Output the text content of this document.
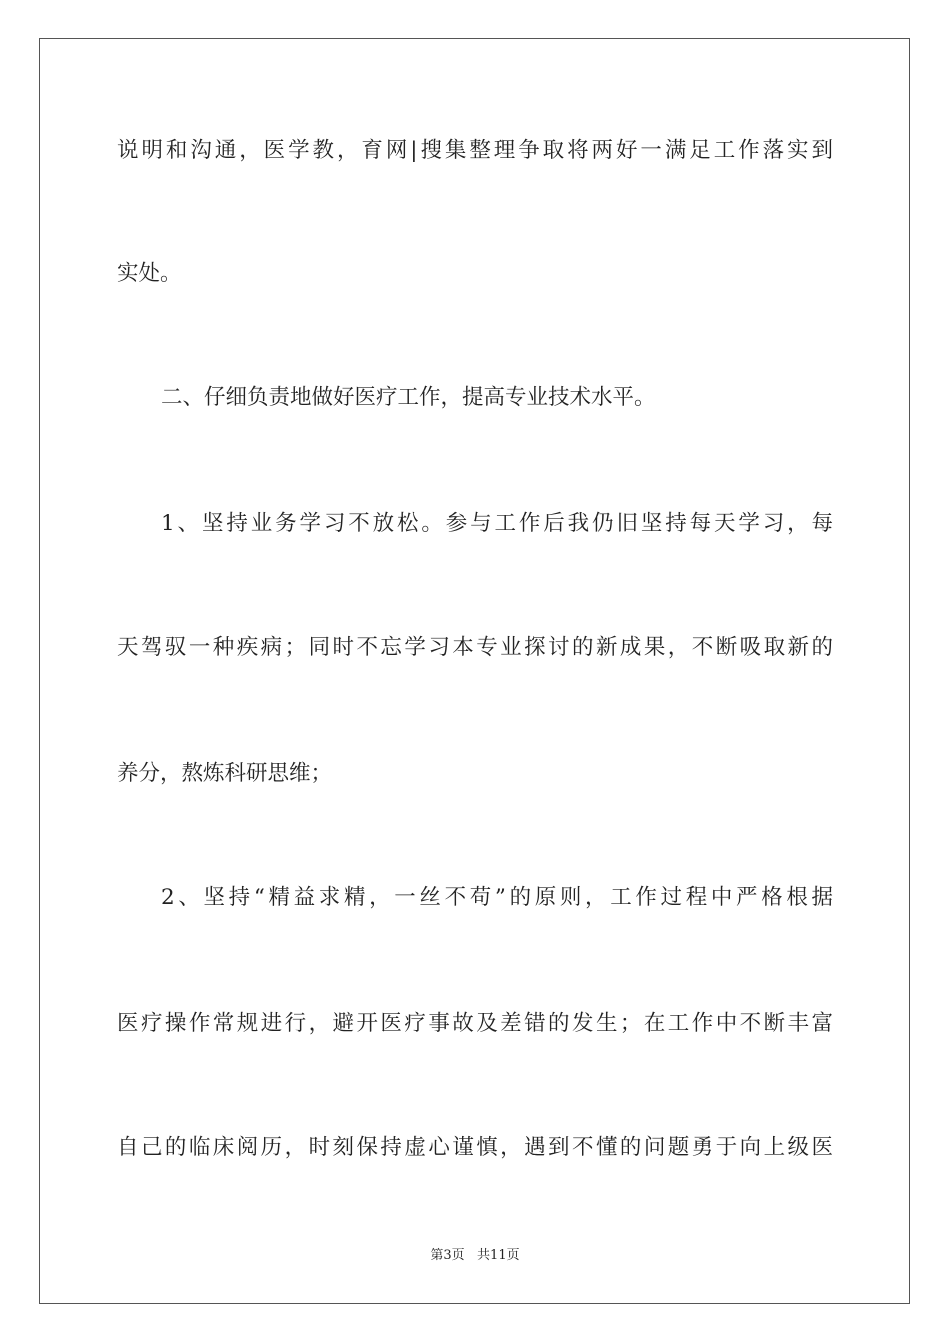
说明和沟通，医学教，育网|搜集整理争取将两好一满足工作落实到
实处。
二、仔细负责地做好医疗工作，提高专业技术水平。
1、坚持业务学习不放松。参与工作后我仍旧坚持每天学习，每
天驾驭一种疾病；同时不忘学习本专业探讨的新成果，不断吸取新的
养分，熬炼科研思维；
2、坚持“精益求精，一丝不苟”的原则，工作过程中严格根据
医疗操作常规进行，避开医疗事故及差错的发生；在工作中不断丰富
自己的临床阅历，时刻保持虚心谨慎，遇到不懂的问题勇于向上级医
第3页   共11页
